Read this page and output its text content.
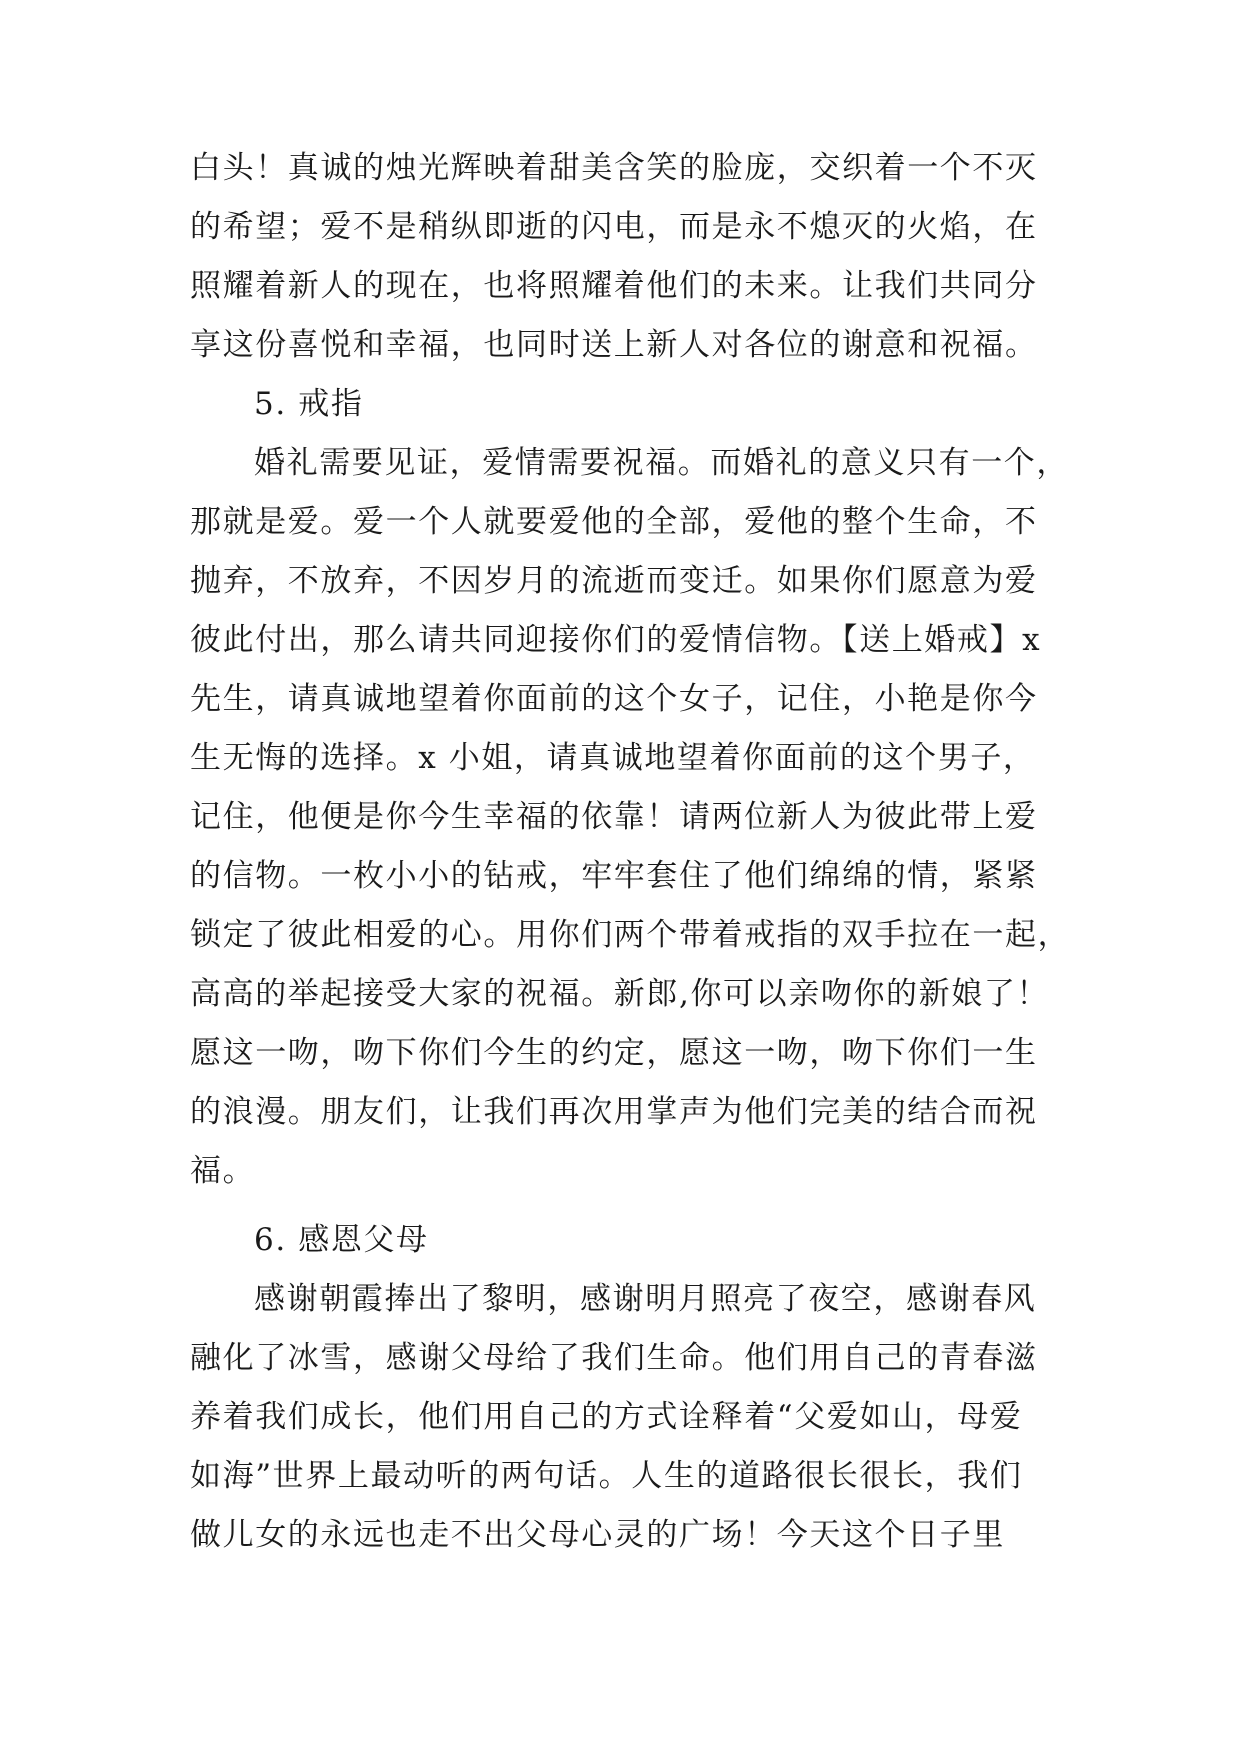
白头！真诚的烛光辉映着甜美含笑的脸庞，交织着一个不灭
的希望；爱不是稍纵即逝的闪电，而是永不熄灭的火焰，在
照耀着新人的现在，也将照耀着他们的未来。让我们共同分
享这份喜悦和幸福，也同时送上新人对各位的谢意和祝福。
5. 戒指
婚礼需要见证，爱情需要祝福。而婚礼的意义只有一个，
那就是爱。爱一个人就要爱他的全部，爱他的整个生命，不
抛弃，不放弃，不因岁月的流逝而变迁。如果你们愿意为爱
彼此付出，那么请共同迎接你们的爱情信物。【送上婚戒】x
先生，请真诚地望着你面前的这个女子，记住，小艳是你今
生无悔的选择。x 小姐，请真诚地望着你面前的这个男子，
记住，他便是你今生幸福的依靠！请两位新人为彼此带上爱
的信物。一枚小小的钻戒，牢牢套住了他们绵绵的情，紧紧
锁定了彼此相爱的心。用你们两个带着戒指的双手拉在一起，
高高的举起接受大家的祝福。新郎,你可以亲吻你的新娘了！
愿这一吻，吻下你们今生的约定，愿这一吻，吻下你们一生
的浪漫。朋友们，让我们再次用掌声为他们完美的结合而祝
福。
6. 感恩父母
感谢朝霞捧出了黎明，感谢明月照亮了夜空，感谢春风
融化了冰雪，感谢父母给了我们生命。他们用自己的青春滋
养着我们成长，他们用自己的方式诠释着“父爱如山，母爱
如海”世界上最动听的两句话。人生的道路很长很长，我们
做儿女的永远也走不出父母心灵的广场！今天这个日子里
